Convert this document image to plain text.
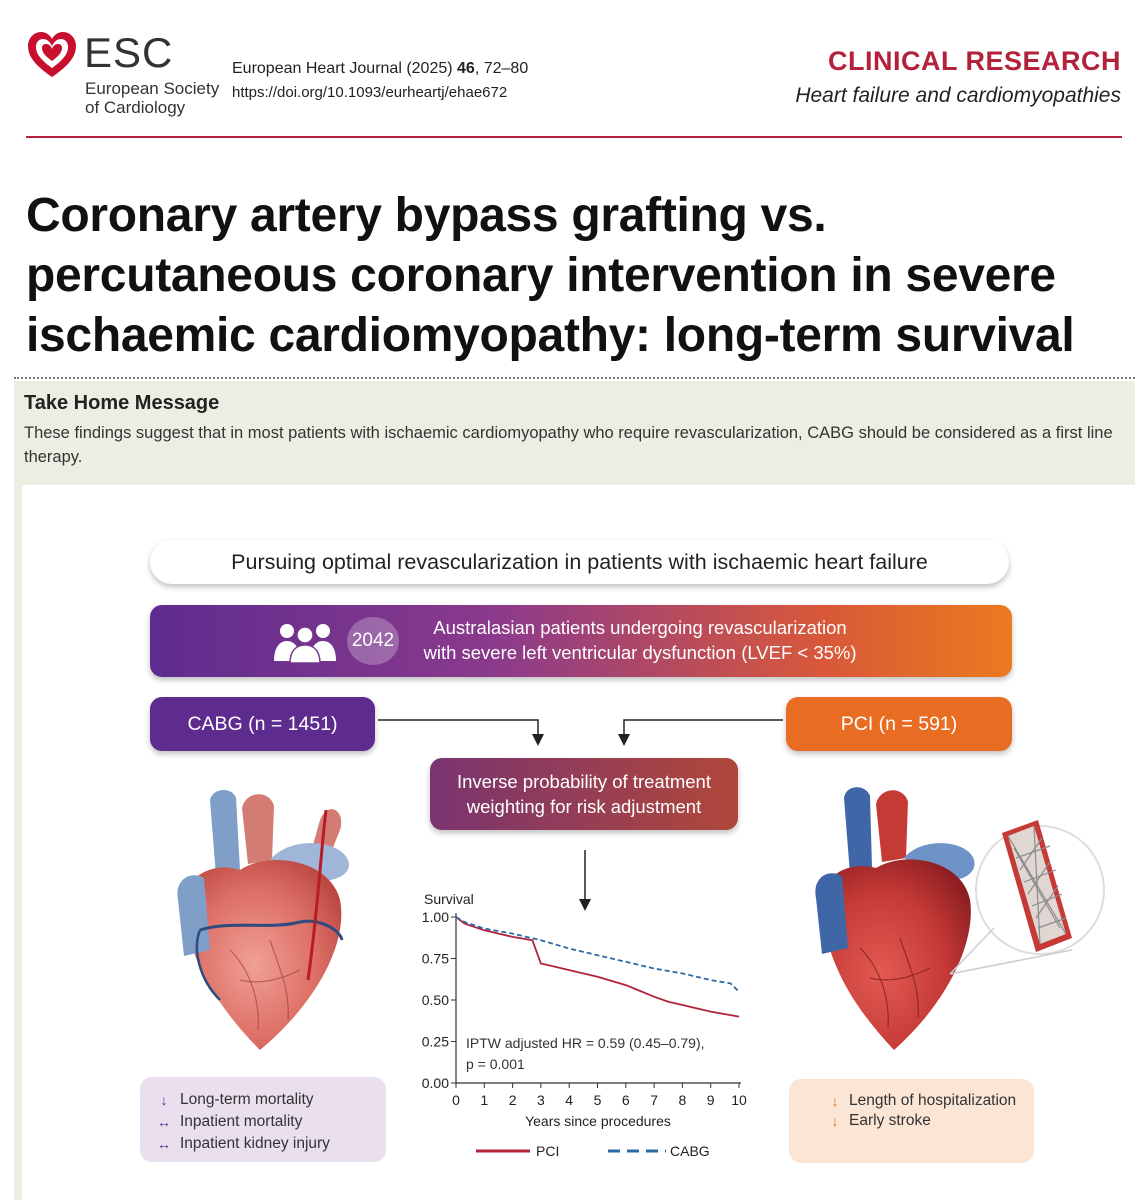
ESC
European Society
of Cardiology
European Heart Journal (2025) 46, 72–80
https://doi.org/10.1093/eurheartj/ehae672
CLINICAL RESEARCH
Heart failure and cardiomyopathies
Coronary artery bypass grafting vs. percutaneous coronary intervention in severe ischaemic cardiomyopathy: long-term survival
Take Home Message
These findings suggest that in most patients with ischaemic cardiomyopathy who require revascularization, CABG should be considered as a first line therapy.
Pursuing optimal revascularization in patients with ischaemic heart failure
2042
Australasian patients undergoing revascularization
with severe left ventricular dysfunction (LVEF < 35%)
CABG (n = 1451)	PCI (n = 591)
Inverse probability of treatment
weighting for risk adjustment
0.00
0.25
0.50
0.75
1.00
0 1 2 3 4 5 6 7 8 9 10
Survival
Years since procedures
IPTW adjusted HR = 0.59 (0.45–0.79),
p = 0.001
PCI	CABG
↓ Long-term mortality
↔ Inpatient mortality
↔ Inpatient kidney injury
↓ Length of hospitalization
↓ Early stroke
